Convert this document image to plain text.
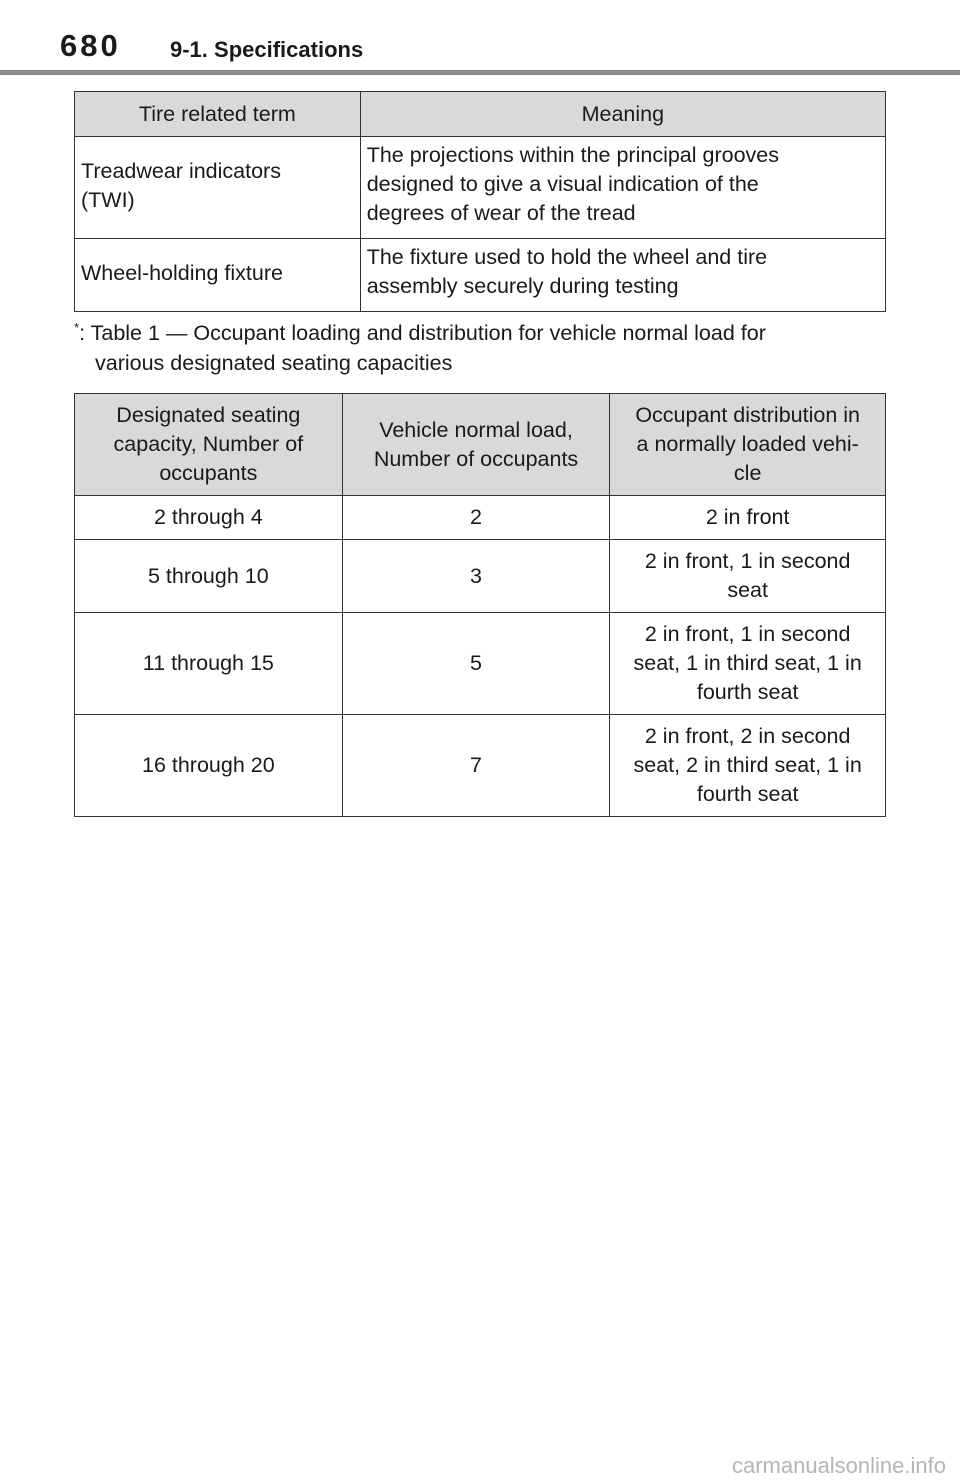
680 9-1. Specifications
Tire related term	Meaning
Treadwear indicators
(TWI)	The projections within the principal grooves
designed to give a visual indication of the
degrees of wear of the tread
Wheel-holding fixture	The fixture used to hold the wheel and tire
assembly securely during testing
*: Table 1 — Occupant loading and distribution for vehicle normal load for
various designated seating capacities
Designated seating
capacity, Number of
occupants	Vehicle normal load,
Number of occupants	Occupant distribution in
a normally loaded vehi-
cle
2 through 4	2	2 in front
5 through 10	3	2 in front, 1 in second
seat
11 through 15	5	2 in front, 1 in second
seat, 1 in third seat, 1 in
fourth seat
16 through 20	7	2 in front, 2 in second
seat, 2 in third seat, 1 in
fourth seat
carmanualsonline.info
